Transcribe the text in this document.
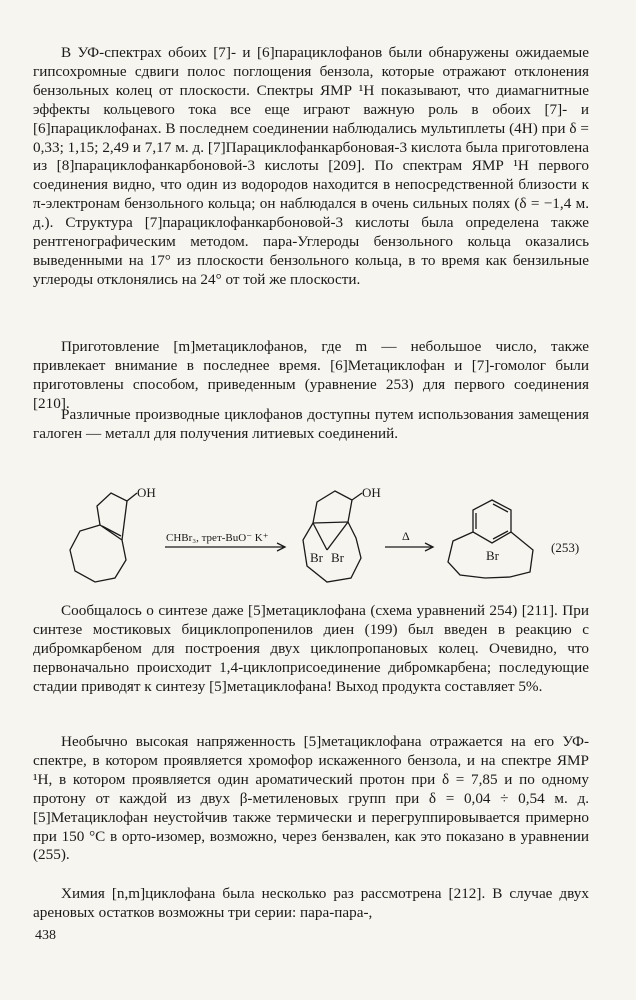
В УФ-спектрах обоих [7]- и [6]парациклофанов были обнаружены ожидаемые гипсохромные сдвиги полос поглощения бензола, которые отражают отклонения бензольных колец от плоскости. Спектры ЯМР ¹H показывают, что диамагнитные эффекты кольцевого тока все еще играют важную роль в обоих [7]- и [6]парациклофанах. В последнем соединении наблюдались мультиплеты (4H) при δ = 0,33; 1,15; 2,49 и 7,17 м. д. [7]Парациклофанкарбоновая-3 кислота была приготовлена из [8]парациклофанкарбоновой-3 кислоты [209]. По спектрам ЯМР ¹H первого соединения видно, что один из водородов находится в непосредственной близости к π-электронам бензольного кольца; он наблюдался в очень сильных полях (δ = −1,4 м. д.). Структура [7]парациклофанкарбоновой-3 кислоты была определена также рентгенографическим методом. пара-Углероды бензольного кольца оказались выведенными на 17° из плоскости бензольного кольца, в то время как бензильные углероды отклонялись на 24° от той же плоскости.

Приготовление [m]метациклофанов, где m — небольшое число, также привлекает внимание в последнее время. [6]Метациклофан и [7]-гомолог были приготовлены способом, приведенным (уравнение 253) для первого соединения [210].

Различные производные циклофанов доступны путем использования замещения галоген — металл для получения литиевых соединений.

OH
CHBr₃, трет-BuO⁻ K⁺
OH
Br Br
Δ
Br
(253)

Сообщалось о синтезе даже [5]метациклофана (схема уравнений 254) [211]. При синтезе мостиковых бициклопропенилов диен (199) был введен в реакцию с дибромкарбеном для построения двух циклопропановых колец. Очевидно, что первоначально происходит 1,4-циклоприсоединение дибромкарбена; последующие стадии приводят к синтезу [5]метациклофана! Выход продукта составляет 5%.

Необычно высокая напряженность [5]метациклофана отражается на его УФ-спектре, в котором проявляется хромофор искаженного бензола, и на спектре ЯМР ¹H, в котором проявляется один ароматический протон при δ = 7,85 и по одному протону от каждой из двух β-метиленовых групп при δ = 0,04 ÷ 0,54 м. д. [5]Метациклофан неустойчив также термически и перегруппировывается примерно при 150 °C в орто-изомер, возможно, через бензвален, как это показано в уравнении (255).

Химия [n,m]циклофана была несколько раз рассмотрена [212]. В случае двух ареновых остатков возможны три серии: пара-пара-,

438
